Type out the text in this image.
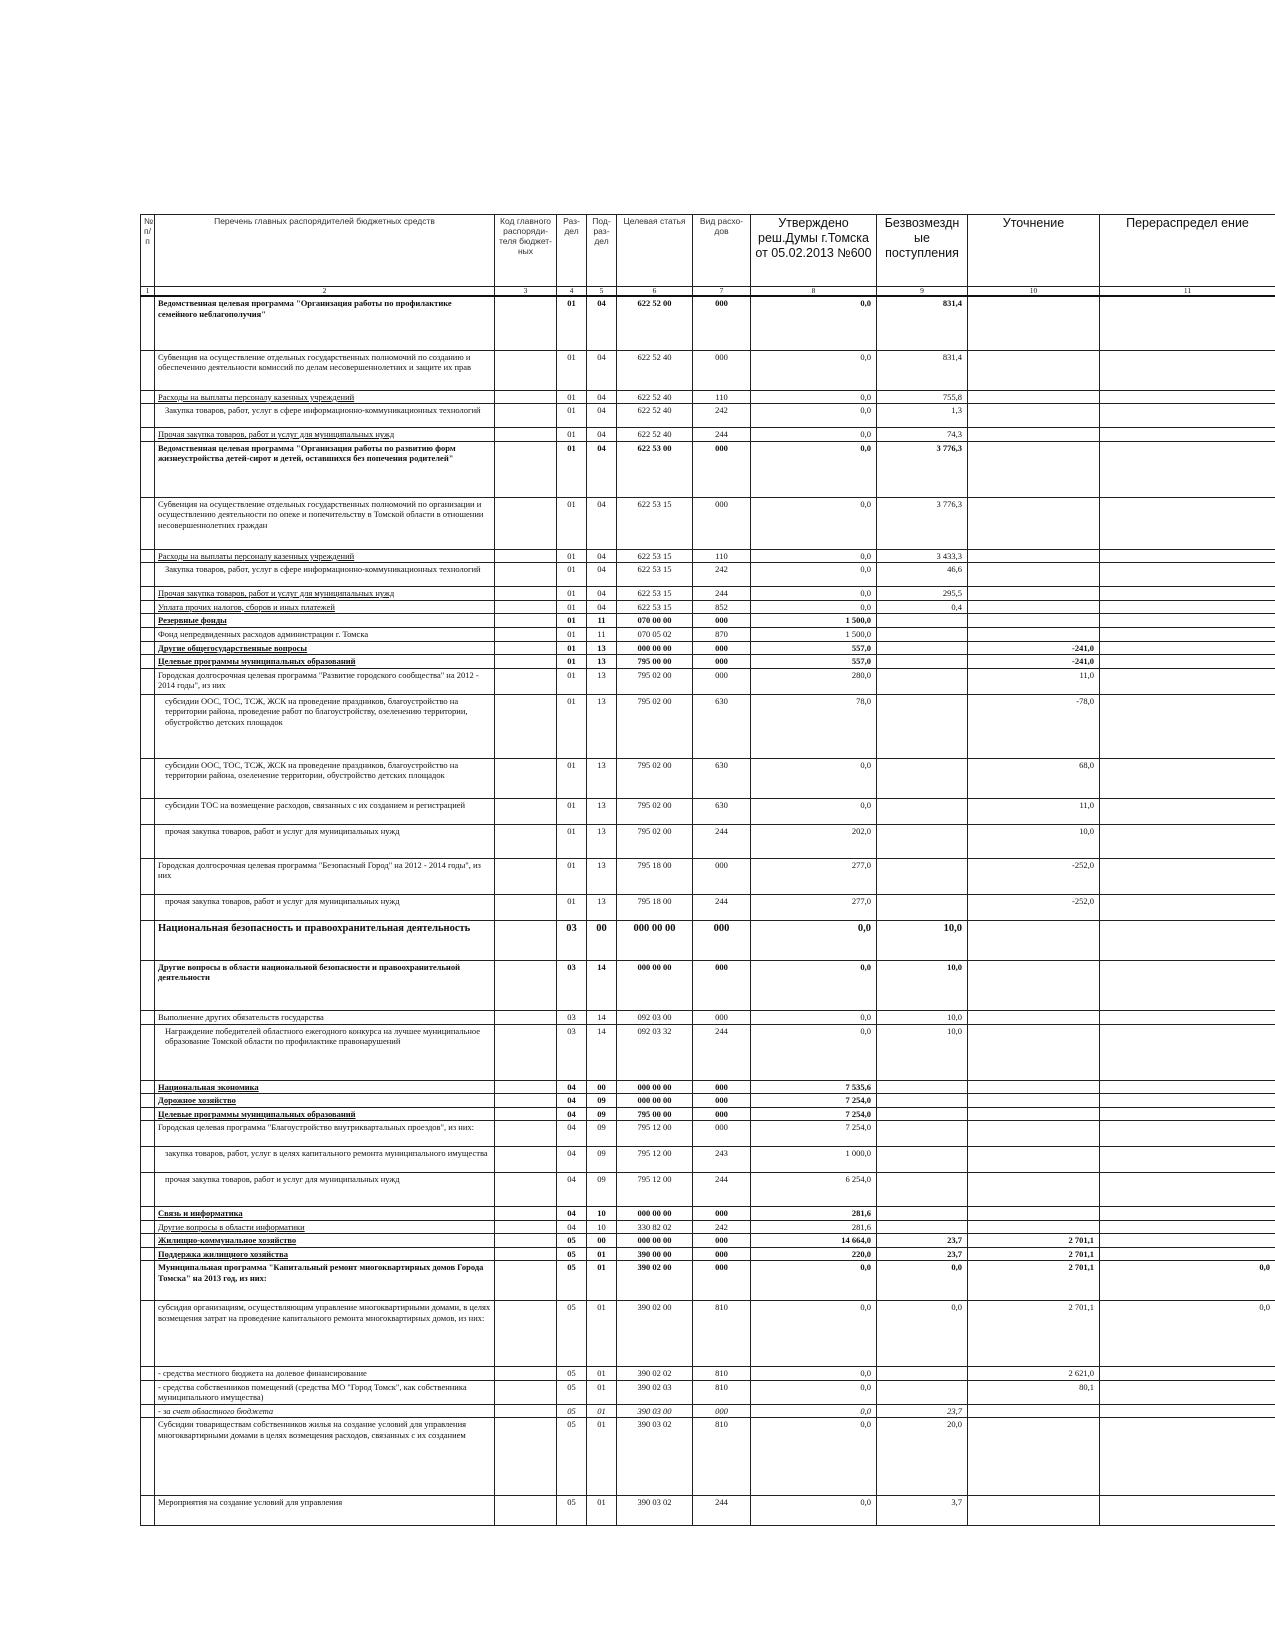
№ п/п	Перечень главных распорядителей бюджетных средств	Код главного распоряди- теля бюджет- ных	Раз- дел	Под- раз- дел	Целевая статья	Вид расхо- дов	Утверждено реш.Думы г.Томска от 05.02.2013 №600	Безвозмездн ые поступления	Уточнение	Перераспредел ение
1	2	3	4	5	6	7	8	9	10	11
	Ведомственная целевая программа "Организация работы по профилактике семейного неблагополучия"		01	04	622 52 00	000	0,0	831,4		
	Субвенция на осуществление отдельных государственных полномочий по созданию и обеспечению деятельности комиссий по делам несовершеннолетних и защите их прав		01	04	622 52 40	000	0,0	831,4		
	Расходы на выплаты персоналу казенных учреждений		01	04	622 52 40	110	0,0	755,8		
	Закупка товаров, работ, услуг в сфере информационно-коммуникационных технологий		01	04	622 52 40	242	0,0	1,3		
	Прочая закупка товаров, работ и услуг для муниципальных нужд		01	04	622 52 40	244	0,0	74,3		
	Ведомственная целевая программа "Организация работы по развитию форм жизнеустройства детей-сирот и детей, оставшихся без попечения родителей"		01	04	622 53 00	000	0,0	3 776,3		
	Субвенция на осуществление отдельных государственных полномочий по организации и осуществлению деятельности по опеке и попечительству в Томской области в отношении несовершеннолетних граждан		01	04	622 53 15	000	0,0	3 776,3		
	Расходы на выплаты персоналу казенных учреждений		01	04	622 53 15	110	0,0	3 433,3		
	Закупка товаров, работ, услуг в сфере информационно-коммуникационных технологий		01	04	622 53 15	242	0,0	46,6		
	Прочая закупка товаров, работ и услуг для муниципальных нужд		01	04	622 53 15	244	0,0	295,5		
	Уплата прочих налогов, сборов и иных платежей		01	04	622 53 15	852	0,0	0,4		
	Резервные фонды		01	11	070 00 00	000	1 500,0			
	Фонд непредвиденных расходов администрации г. Томска		01	11	070 05 02	870	1 500,0			
	Другие общегосударственные вопросы		01	13	000 00 00	000	557,0		-241,0	
	Целевые программы муниципальных образований		01	13	795 00 00	000	557,0		-241,0	
	Городская долгосрочная целевая программа "Развитие городского сообщества" на 2012 - 2014 годы", из них		01	13	795 02 00	000	280,0		11,0	
	субсидии ООС, ТОС, ТСЖ, ЖСК на проведение праздников, благоустройство на территории района, проведение работ по благоустройству, озеленению территории, обустройство детских площадок		01	13	795 02 00	630	78,0		-78,0	
	субсидии ООС, ТОС, ТСЖ, ЖСК на проведение праздников, благоустройство на территории района, озеленение территории, обустройство детских площадок		01	13	795 02 00	630	0,0		68,0	
	субсидии ТОС на возмещение расходов, связанных с их созданием и регистрацией		01	13	795 02 00	630	0,0		11,0	
	прочая закупка товаров, работ и услуг для муниципальных нужд		01	13	795 02 00	244	202,0		10,0	
	Городская долгосрочная целевая программа "Безопасный Город" на 2012 - 2014 годы", из них		01	13	795 18 00	000	277,0		-252,0	
	прочая закупка товаров, работ и услуг для муниципальных нужд		01	13	795 18 00	244	277,0		-252,0	
	Национальная безопасность и правоохранительная деятельность		03	00	000 00 00	000	0,0	10,0		
	Другие вопросы в области национальной безопасности и правоохранительной деятельности		03	14	000 00 00	000	0,0	10,0		
	Выполнение других обязательств государства		03	14	092 03 00	000	0,0	10,0		
	Награждение победителей областного ежегодного конкурса на лучшее муниципальное образование Томской области по профилактике правонарушений		03	14	092 03 32	244	0,0	10,0		
	Национальная экономика		04	00	000 00 00	000	7 535,6			
	Дорожное хозяйство		04	09	000 00 00	000	7 254,0			
	Целевые программы муниципальных образований		04	09	795 00 00	000	7 254,0			
	Городская целевая программа "Благоустройство внутриквартальных проездов", из них:		04	09	795 12 00	000	7 254,0			
	закупка товаров, работ, услуг в целях капитального ремонта муниципального имущества		04	09	795 12 00	243	1 000,0			
	прочая закупка товаров, работ и услуг для муниципальных нужд		04	09	795 12 00	244	6 254,0			
	Связь и информатика		04	10	000 00 00	000	281,6			
	Другие вопросы в области информатики		04	10	330 82 02	242	281,6			
	Жилищно-коммунальное хозяйство		05	00	000 00 00	000	14 664,0	23,7	2 701,1	
	Поддержка жилищного хозяйства		05	01	390 00 00	000	220,0	23,7	2 701,1	
	Муниципальная программа "Капитальный ремонт многоквартирных домов Города Томска" на 2013 год, из них:		05	01	390 02 00	000	0,0	0,0	2 701,1	0,0
	субсидия организациям, осуществляющим управление многоквартирными домами, в целях возмещения затрат на проведение капитального ремонта многоквартирных домов, из них:		05	01	390 02 00	810	0,0	0,0	2 701,1	0,0
	- средства местного бюджета на долевое финансирование		05	01	390 02 02	810	0,0		2 621,0	
	- средства собственников помещений (средства МО "Город Томск", как собственника муниципального имущества)		05	01	390 02 03	810	0,0		80,1	
	- за счет областного бюджета		05	01	390 03 00	000	0,0	23,7		
	Субсидии товариществам собственников жилья на создание условий для управления многоквартирными домами в целях возмещения расходов, связанных с их созданием		05	01	390 03 02	810	0,0	20,0		
	Мероприятия на создание условий для управления		05	01	390 03 02	244	0,0	3,7		
